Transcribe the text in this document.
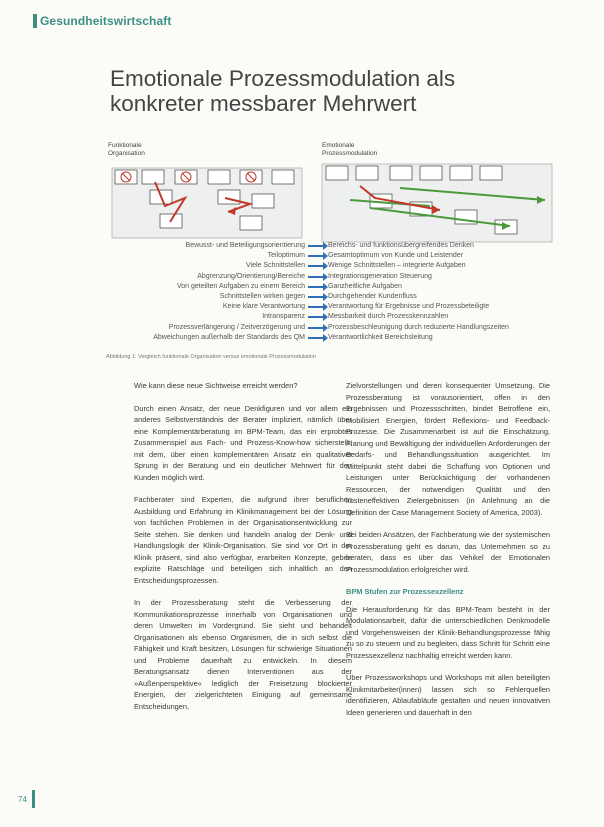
Gesundheitswirtschaft
Emotionale Prozessmodulation als
konkreter messbarer Mehrwert
Funktionale
Organisation
Emotionale
Prozessmodulation
Bewusst- und Beteiligungsorientierung	Bereichs- und funktionsübergreifendes Denken
Teiloptimum	Gesamtoptimum von Kunde und Leistender
Viele Schnittstellen	Wenige Schnittstellen – integrierte Aufgaben
Abgrenzung/Orientierung/Bereiche	Integrationsgeneration Steuerung
Von geteilten Aufgaben zu einem Bereich	Ganzheitliche Aufgaben
Schnittstellen wirken gegen	Durchgehender Kundenfluss
Keine klare Verantwortung	Verantwortung für Ergebnisse und Prozessbeteiligte
Intransparenz	Messbarkeit durch Prozesskennzahlen
Prozessverlängerung / Zeitverzögerung und	Prozessbeschleunigung durch reduzierte Handlungszeiten
Abweichungen außerhalb der Standards des QM	Verantwortlichkeit Bereichsleitung
Abbildung 1: Vergleich funktionale Organisation versus emotionale Prozessmodulation

Wie kann diese neue Sichtweise erreicht werden?

Durch einen Ansatz, der neue Denkfiguren und vor allem ein anderes Selbstverständnis der Berater impliziert, nämlich über eine Komplementärberatung im BPM-Team, das ein erprobtes Zusammenspiel aus Fach- und Prozess-Know-how sicherstellt, mit dem, über einen komplementären Ansatz ein qualitativer Sprung in der Beratung und ein deutlicher Mehrwert für den Kunden möglich wird.

Fachberater sind Experten, die aufgrund ihrer beruflichen Ausbildung und Erfahrung im Klinikmanagement bei der Lösung von fachlichen Problemen in der Organisationsentwicklung zur Seite stehen. Sie denken und handeln analog der Denk- und Handlungslogik der Klinik-Organisation. Sie sind vor Ort in der Klinik präsent, sind also verfügbar, erarbeiten Konzepte, geben explizite Ratschläge und beteiligen sich inhaltlich an den Entscheidungsprozessen.

In der Prozessberatung steht die Verbesserung der Kommunikationsprozesse innerhalb von Organisationen und deren Umwelten im Vordergrund. Sie sieht und behandelt Organisationen als ebenso Organismen, die in sich selbst die Fähigkeit und Kraft besitzen, Lösungen für schwierige Situationen und Probleme dauerhaft zu entwickeln. In diesem Beratungsansatz dienen Interventionen aus der »Außenperspektive« lediglich der Freisetzung blockierter Energien, der zielgerichteten Einigung auf gemeinsame Entscheidungen,

Zielvorstellungen und deren konsequenter Umsetzung. Die Prozessberatung ist vorausorientiert, offen in den Ergebnissen und Prozessschritten, bindet Betroffene ein, mobilisiert Energien, fördert Reflexions- und Feedback-Prozesse. Die Zusammenarbeit ist auf die Einschätzung, Planung und Bewältigung der individuellen Anforderungen der Bedarfs- und Behandlungssituation ausgerichtet. Im Mittelpunkt steht dabei die Schaffung von Optionen und Leistungen unter Berücksichtigung der vorhandenen Ressourcen, der notwendigen Qualität und den kosteneffektiven Zielergebnissen (in Anlehnung an die Definition der Case Management Society of America, 2003).

Bei beiden Ansätzen, der Fachberatung wie der systemischen Prozessberatung geht es darum, das Unternehmen so zu beraten, dass es über das Vehikel der Emotionalen Prozessmodulation erfolgreicher wird.

BPM Stufen zur Prozessexzellenz

Die Herausforderung für das BPM-Team besteht in der Modulationsarbeit, dafür die unterschiedlichen Denkmodelle und Vorgehensweisen der Klinik-Behandlungsprozesse fähig zu so zu steuern und zu begleiten, dass Schritt für Schritt eine Prozessexzellenz nachhaltig erreicht werden kann.

Über Prozessworkshops und Workshops mit allen beteiligten Klinikmitarbeiter(innen) lassen sich so Fehlerquellen identifizieren, Ablaufabläufe gestalten und neuen innovativen Ideen generieren und dauerhaft in den

74
